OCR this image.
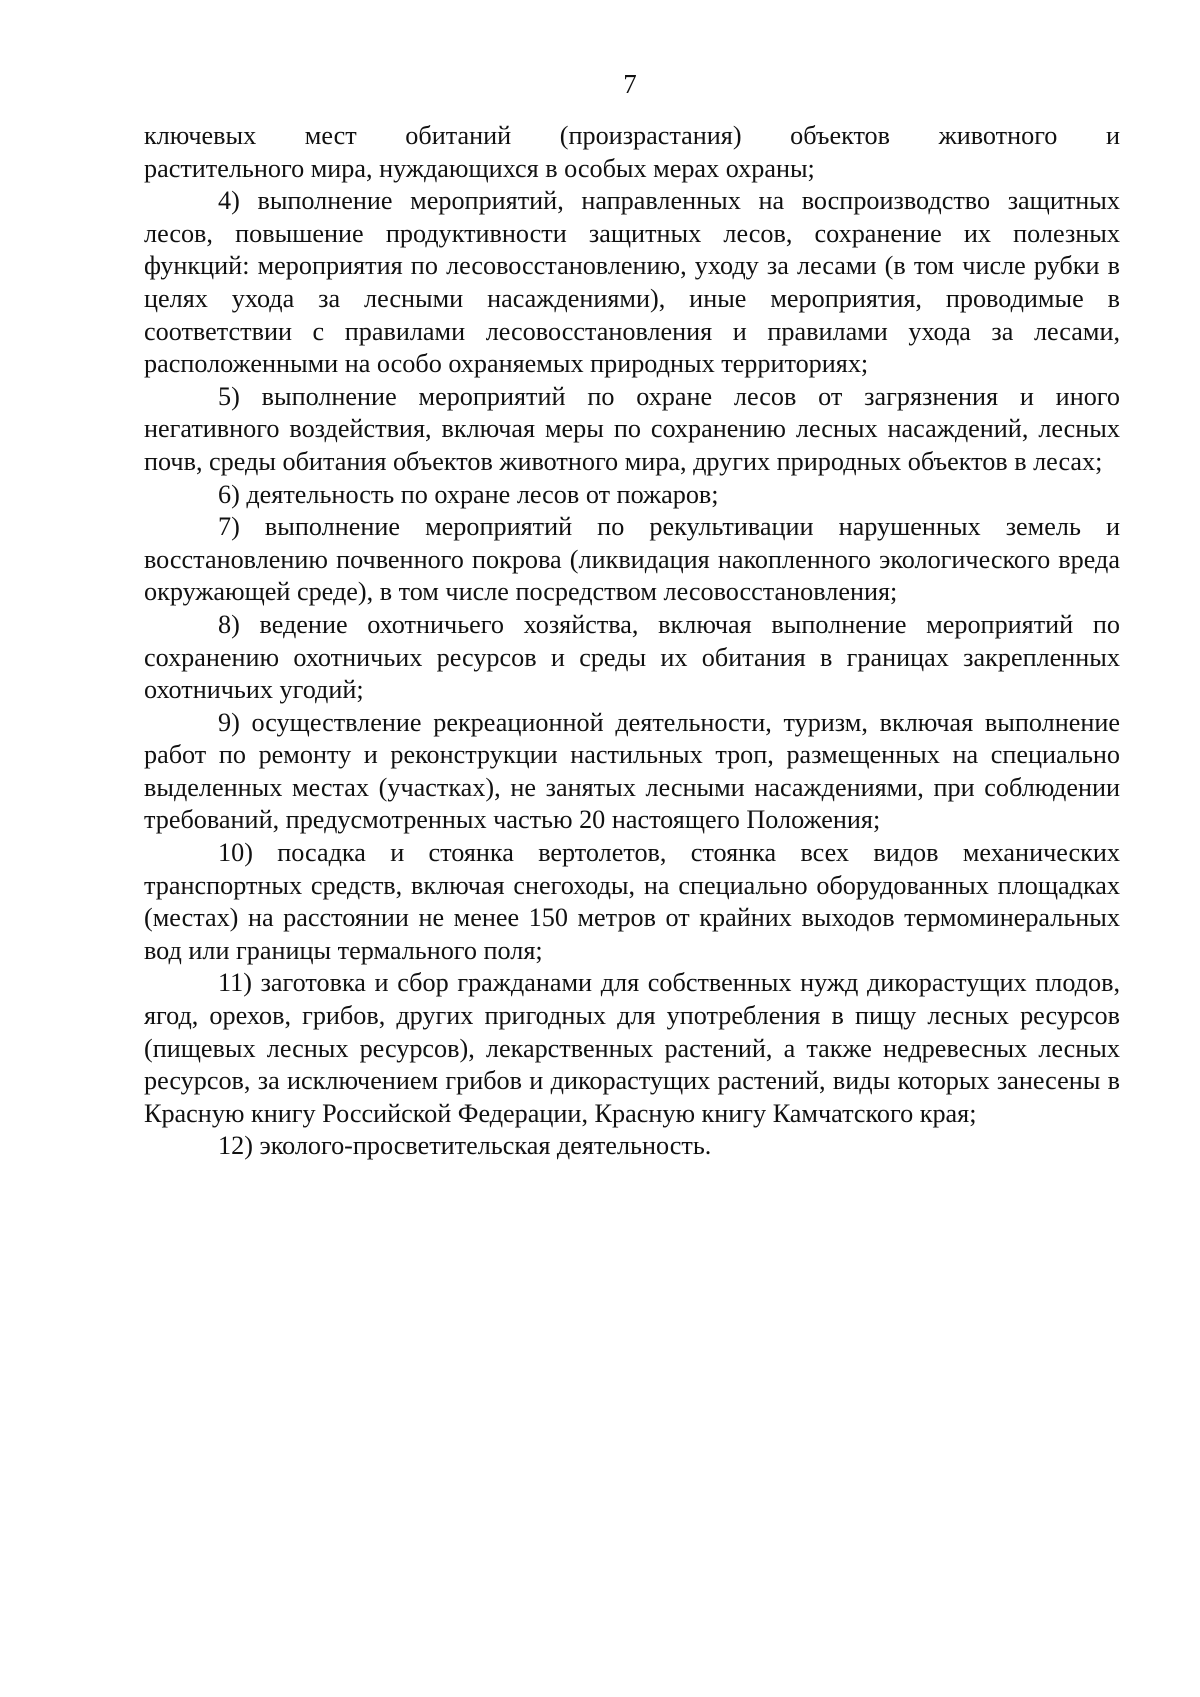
7

ключевых мест обитаний (произрастания) объектов животного и
растительного мира, нуждающихся в особых мерах охраны;

4) выполнение мероприятий, направленных на воспроизводство защитных лесов, повышение продуктивности защитных лесов, сохранение их полезных функций: мероприятия по лесовосстановлению, уходу за лесами (в том числе рубки в целях ухода за лесными насаждениями), иные мероприятия, проводимые в соответствии с правилами лесовосстановления и правилами ухода за лесами, расположенными на особо охраняемых природных территориях;

5) выполнение мероприятий по охране лесов от загрязнения и иного негативного воздействия, включая меры по сохранению лесных насаждений, лесных почв, среды обитания объектов животного мира, других природных объектов в лесах;

6) деятельность по охране лесов от пожаров;

7) выполнение мероприятий по рекультивации нарушенных земель и восстановлению почвенного покрова (ликвидация накопленного экологического вреда окружающей среде), в том числе посредством лесовосстановления;

8) ведение охотничьего хозяйства, включая выполнение мероприятий по сохранению охотничьих ресурсов и среды их обитания в границах закрепленных охотничьих угодий;

9) осуществление рекреационной деятельности, туризм, включая выполнение работ по ремонту и реконструкции настильных троп, размещенных на специально выделенных местах (участках), не занятых лесными насаждениями, при соблюдении требований, предусмотренных частью 20 настоящего Положения;

10) посадка и стоянка вертолетов, стоянка всех видов механических транспортных средств, включая снегоходы, на специально оборудованных площадках (местах) на расстоянии не менее 150 метров от крайних выходов термоминеральных вод или границы термального поля;

11) заготовка и сбор гражданами для собственных нужд дикорастущих плодов, ягод, орехов, грибов, других пригодных для употребления в пищу лесных ресурсов (пищевых лесных ресурсов), лекарственных растений, а также недревесных лесных ресурсов, за исключением грибов и дикорастущих растений, виды которых занесены в Красную книгу Российской Федерации, Красную книгу Камчатского края;

12) эколого-просветительская деятельность.
